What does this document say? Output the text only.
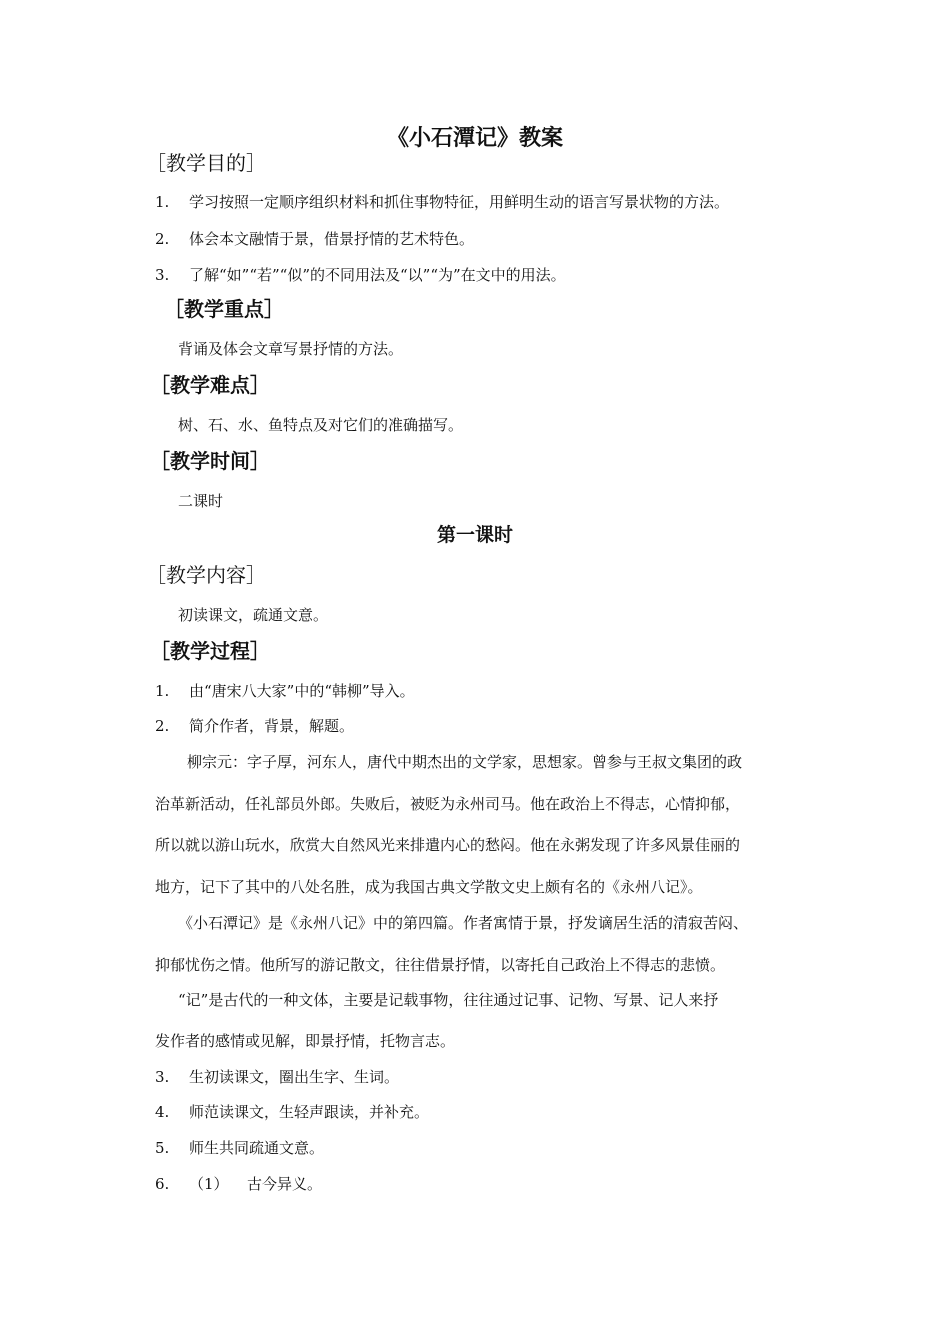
《小石潭记》教案
［教学目的］
1. 学习按照一定顺序组织材料和抓住事物特征，用鲜明生动的语言写景状物的方法。
2. 体会本文融情于景，借景抒情的艺术特色。
3. 了解“如”“若”“似”的不同用法及“以”“为”在文中的用法。
［教学重点］
背诵及体会文章写景抒情的方法。
［教学难点］
树、石、水、鱼特点及对它们的准确描写。
［教学时间］
二课时
第一课时
［教学内容］
初读课文，疏通文意。
［教学过程］
1. 由“唐宋八大家”中的“韩柳”导入。
2. 简介作者，背景，解题。
柳宗元：字子厚，河东人，唐代中期杰出的文学家，思想家。曾参与王叔文集团的政
治革新活动，任礼部员外郎。失败后，被贬为永州司马。他在政治上不得志，心情抑郁，
所以就以游山玩水，欣赏大自然风光来排遣内心的愁闷。他在永粥发现了许多风景佳丽的
地方，记下了其中的八处名胜，成为我国古典文学散文史上颇有名的《永州八记》。
《小石潭记》是《永州八记》中的第四篇。作者寓情于景，抒发谪居生活的清寂苦闷、
抑郁忧伤之情。他所写的游记散文，往往借景抒情，以寄托自己政治上不得志的悲愤。
“记”是古代的一种文体，主要是记载事物，往往通过记事、记物、写景、记人来抒
发作者的感情或见解，即景抒情，托物言志。
3. 生初读课文，圈出生字、生词。
4. 师范读课文，生轻声跟读，并补充。
5. 师生共同疏通文意。
6. （1） 古今异义。
